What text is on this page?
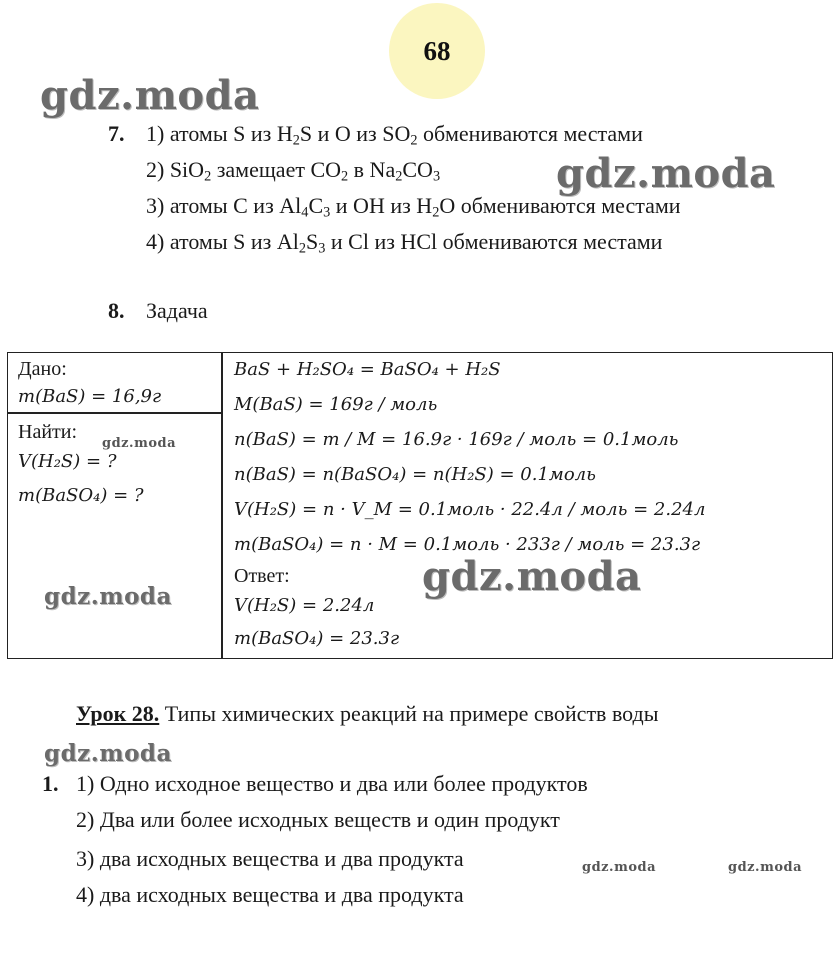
68
gdz.moda
gdz.moda
gdz.moda
gdz.moda
gdz.moda
gdz.moda
gdz.moda	gdz.moda
7. 1) атомы S из $H_2S$ и O из $SO_2$ обмениваются местами
2) SiO$_2$ замещает $CO_2$ в $Na_2CO_3$
3) атомы C из $Al_4C_3$ и OH из $H_2O$ обмениваются местами
4) атомы S из $Al_2S_3$ и Cl из HCl обмениваются местами
8. Задача
Дано:
m(BaS) = 16,9г
Найти:
V(H₂S) = ?
m(BaSO₄) = ?
BaS + H₂SO₄ = BaSO₄ + H₂S
M(BaS) = 169г / моль
n(BaS) = m / M = 16.9г · 169г / моль = 0.1моль
n(BaS) = n(BaSO₄) = n(H₂S) = 0.1моль
V(H₂S) = n · V_M = 0.1моль · 22.4л / моль = 2.24л
m(BaSO₄) = n · M = 0.1моль · 233г / моль = 23.3г
Ответ:
V(H₂S) = 2.24л
m(BaSO₄) = 23.3г
Урок 28. Типы химических реакций на примере свойств воды
1. 1) Одно исходное вещество и два или более продуктов
2) Два или более исходных веществ и один продукт
3) два исходных вещества и два продукта
4) два исходных вещества и два продукта
